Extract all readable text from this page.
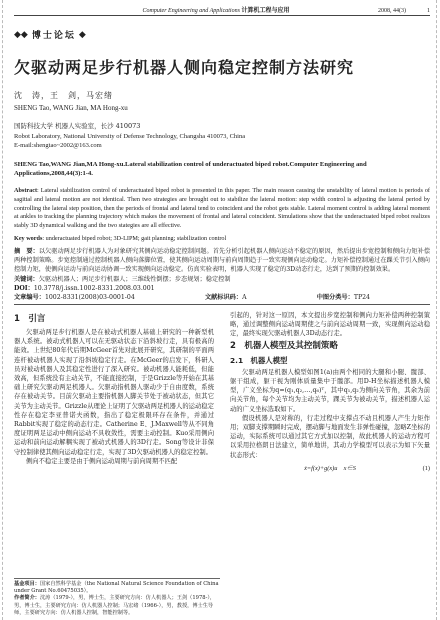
Computer Engineering and Applications 计算机工程与应用	2008, 44(3)	1
◆◆ 博士论坛 ◆
欠驱动两足步行机器人侧向稳定控制方法研究
沈　涛，王　剑，马宏绪
SHENG Tao, WANG Jian, MA Hong-xu
国防科技大学 机器人实验室，长沙 410073
Robot Laboratory, National University of Defense Technology, Changsha 410073, China
E-mail:shengtao~2002@163.com
SHENG Tao,WANG Jian,MA Hong-xu.Lateral stabilization control of underactuated biped robot.Computer Engineering and Applications,2008,44(3):1-4.
Abstract: Lateral stabilization control of underactuated biped robot is presented in this paper. The main reason causing the unstability of lateral motion is periods of sagittal and lateral motion are not identical. Then two strategies are brought out to stabilize the lateral motion: step width control is adjusting the lateral period by controlling the lateral step position, then the periods of frontal and lateral tend to coincident and the robot gets stable. Lateral moment control is adding lateral moment at ankles to tracking the planning trajectory which makes the movement of frontal and lateral coincident. Simulations show that the underactuated biped robot realizes stably 3D dynamical walking and the two stategies are all effective.
Key words: underactuated biped robot; 3D-LIPM; gait planning; stabilization control
摘　要：以欠驱动两足步行机器人为对象研究其侧向运动稳定控制问题。首先分析引起机器人侧向运动不稳定的原因，然后提出步宽控制和侧向力矩补偿两种控制策略。步宽控制通过控制机器人侧向落脚位置，使其侧向运动周期与前向周期趋于一致实现侧向运动稳定。力矩补偿控制通过在踝关节引入侧向控制力矩，使侧向运动与前向运动协调一致实现侧向运动稳定。仿真实验表明，机器人实现了稳定的3D动态行走，达到了预期的控制效果。
关键词：欠驱动机器人；两足步行机器人；三维线性倒摆；步态规划；稳定控制
DOI：10.3778/j.issn.1002-8331.2008.03.001
文章编号：1002-8331(2008)03-0001-04	文献标识码：A	中图分类号：TP24
1　引言

欠驱动两足步行机器人是在被动式机器人基础上研究的一种新型机器人系统。被动式机器人可以在无驱动状态下沿斜坡行走，具有极高的能效。上世纪80年代后期McGeer首先对此展开研究，其研制的平面两连杆被动机器人实现了沿斜坡稳定行走。在McGeer的启发下，科研人员对被动机器人及其稳定性进行了深入研究。被动机器人能耗低，但能效高，但系统没有主动关节，不能直接控制，于是Grizzle等开始在其基础上研究欠驱动两足机器人。欠驱动指机器人驱动少于自由度数，系统存在被动关节。目前欠驱动主要指机器人脚关节处于被动状态，但其它关节为主动关节。Grizzle从理论上证明了欠驱动两足机器人的运动稳定性存在稳定李亚普诺夫函数，指出了稳定极限环存在条件，并通过Rabbit实现了稳定的动态行走。Catherine E、J.Maxwell等从不同角度证明两足运动中侧向运动不具收敛性，需要主动控制。Kuo采用侧向运动和前向运动解耦实现了被动式机器人的3D行走。Song等设计非保守控制律使其侧向运动稳定行走，实现了3D欠驱动机器人的稳定控制。

侧向不稳定主要是由于侧向运动周期与前向周期不匹配

引起的，针对这一原因，本文提出步宽控制和侧向力矩补偿两种控制策略，通过调整侧向运动周期使之与前向运动周期一致，实现侧向运动稳定，最终实现欠驱动机器人3D动态行走。

2　机器人模型及其控制策略
2.1　机器人模型

欠驱动两足机器人模型如图1(a)由两个相同的大腿和小腿、髋部、躯干组成，躯干视为刚体质量集中于髋部。用D-H坐标描述机器人模型，广义坐标为q=(q₁,q₂,…,q₆)ᵀ，其中q₁,q₂为侧向关节角，其余为前向关节角，每个关节均为主动关节，踝关节为被动关节，描述机器人运动的广义坐标选取如下。

假设机器人是对称的，行走过程中支撑点不动且机器人产生力矩作用；双脚支撑期瞬时完成，摆动脚与地面发生非弹性碰撞，忽略Z坐标的运动，实际系统可以通过其它方式加以控制，故此机器人的运动方程可以采用拉格朗日法建立，简单地讲，其动力学模型可以表示为如下矢量状态形式：

ẋ=f(x)+g(x)u　x∈S	(1)
基金项目：国家自然科学基金（the National Natural Science Foundation of China under Grant No.60475035）。
作者简介：沈涛（1979-），男，博士生，主要研究方向：仿人机器人；王剑（1978-），男，博士生，主要研究方向：仿人机器人控制；马宏绪（1966-），男，教授，博士生导师，主要研究方向：仿人机器人控制，智能控制等。
